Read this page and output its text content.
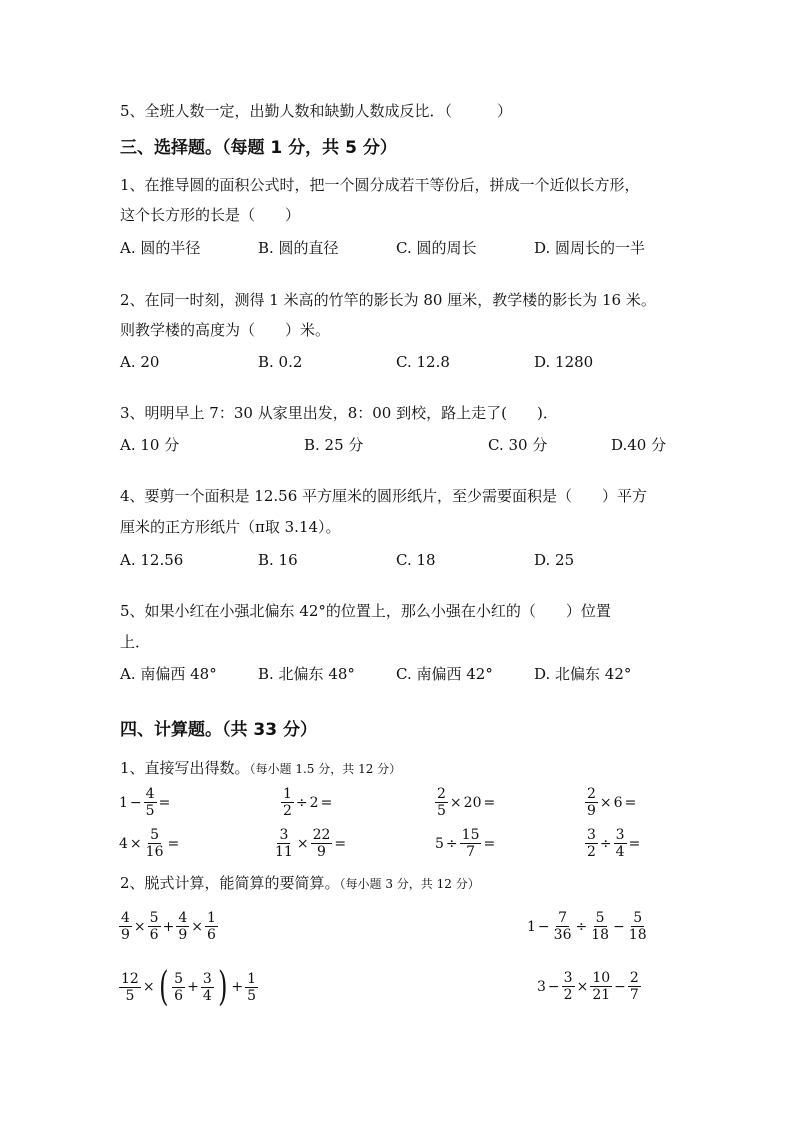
5、全班人数一定，出勤人数和缺勤人数成反比．（　　　）
三、选择题。（每题 1 分，共 5 分）
1、在推导圆的面积公式时，把一个圆分成若干等份后，拼成一个近似长方形，
这个长方形的长是（　　）
A. 圆的半径	B. 圆的直径	C. 圆的周长	D. 圆周长的一半
2、在同一时刻，测得 1 米高的竹竿的影长为 80 厘米，教学楼的影长为 16 米。
则教学楼的高度为（　　）米。
A. 20	B. 0.2	C. 12.8	D. 1280
3、明明早上 7：30 从家里出发，8：00 到校，路上走了(　　)．
A. 10 分	B. 25 分	C. 30 分	D.40 分
4、要剪一个面积是 12.56 平方厘米的圆形纸片，至少需要面积是（　　）平方
厘米的正方形纸片（π取 3.14）。
A. 12.56	B. 16	C. 18	D. 25
5、如果小红在小强北偏东 42°的位置上，那么小强在小红的（　　）位置
上．
A. 南偏西 48°	B. 北偏东 48°	C. 南偏西 42°	D. 北偏东 42°
四、计算题。（共 33 分）
1、直接写出得数。（每小题 1.5 分，共 12 分）
$1 - \frac{4}{5}$ =	$\frac{1}{2} \div 2$ =	$\frac{2}{5} \times 20$ =	$\frac{2}{9} \times 6$ =
$4 \times \frac{5}{16}$ =	$\frac{3}{11} \times \frac{22}{9}$ =	$5 \div \frac{15}{7}$ =	$\frac{3}{2} \div \frac{3}{4}$ =
2、脱式计算，能简算的要简算。（每小题 3 分，共 12 分）
$\frac{4}{9} \times \frac{5}{6} + \frac{4}{9} \times \frac{1}{6}$	$1 - \frac{7}{36} \div \frac{5}{18} - \frac{5}{18}$
$\frac{12}{5}$ × ( $\frac{5}{6} + \frac{3}{4}$ ) + $\frac{1}{5}$	$3 - \frac{3}{2} \times \frac{10}{21} - \frac{2}{7}$
